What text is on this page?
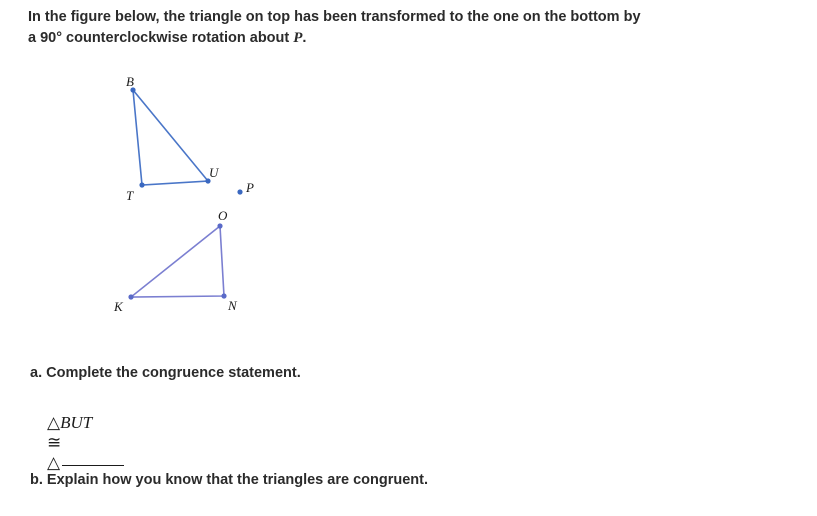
In the figure below, the triangle on top has been transformed to the one on the bottom by
a 90° counterclockwise rotation about P.
B
T
U
P
O
K	N
a. Complete the congruence statement.

△BUT
≅
△

b. Explain how you know that the triangles are congruent.
